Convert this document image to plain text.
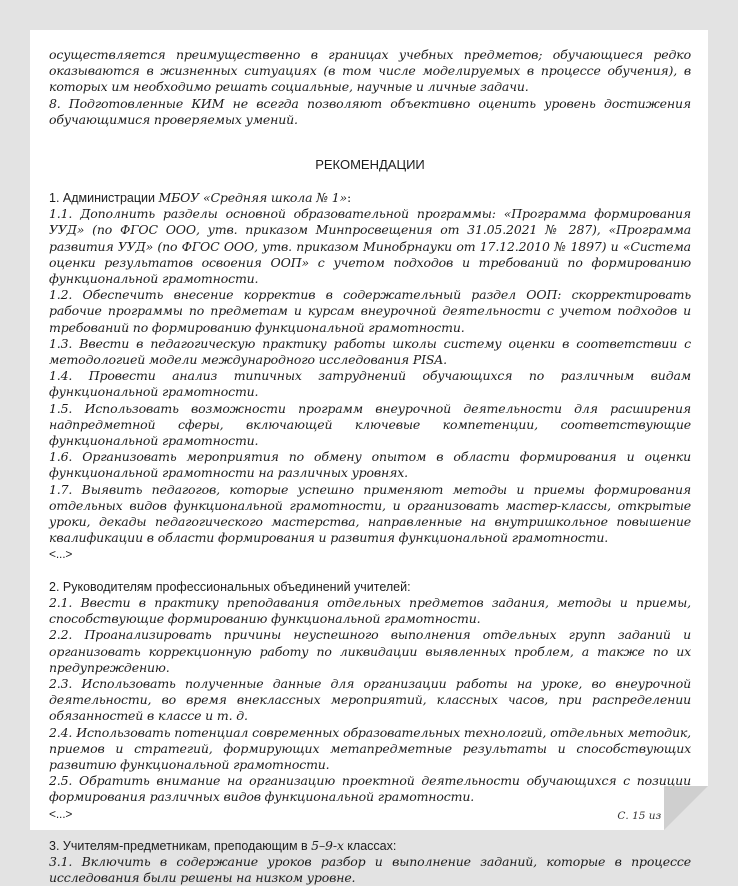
осуществляется преимущественно в границах учебных предметов; обучающиеся редко оказываются в жизненных ситуациях (в том числе моделируемых в процессе обучения), в которых им необходимо решать социальные, научные и личные задачи.

8. Подготовленные КИМ не всегда позволяют объективно оценить уровень достижения обучающимися проверяемых умений.

РЕКОМЕНДАЦИИ

1. Администрации МБОУ «Средняя школа № 1»:

1.1. Дополнить разделы основной образовательной программы: «Программа формирования УУД» (по ФГОС ООО, утв. приказом Минпросвещения от 31.05.2021 № 287), «Программа развития УУД» (по ФГОС ООО, утв. приказом Минобрнауки от 17.12.2010 № 1897) и «Система оценки результатов освоения ООП» с учетом подходов и требований по формированию функциональной грамотности.

1.2. Обеспечить внесение корректив в содержательный раздел ООП: скорректировать рабочие программы по предметам и курсам внеурочной деятельности с учетом подходов и требований по формированию функциональной грамотности.

1.3. Ввести в педагогическую практику работы школы систему оценки в соответствии с методологией модели международного исследования PISA.

1.4. Провести анализ типичных затруднений обучающихся по различным видам функциональной грамотности.

1.5. Использовать возможности программ внеурочной деятельности для расширения надпредметной сферы, включающей ключевые компетенции, соответствующие функциональной грамотности.

1.6. Организовать мероприятия по обмену опытом в области формирования и оценки функциональной грамотности на различных уровнях.

1.7. Выявить педагогов, которые успешно применяют методы и приемы формирования отдельных видов функциональной грамотности, и организовать мастер-классы, открытые уроки, декады педагогического мастерства, направленные на внутришкольное повышение квалификации в области формирования и развития функциональной грамотности.

<...>

2. Руководителям профессиональных объединений учителей:

2.1. Ввести в практику преподавания отдельных предметов задания, методы и приемы, способствующие формированию функциональной грамотности.

2.2. Проанализировать причины неуспешного выполнения отдельных групп заданий и организовать коррекционную работу по ликвидации выявленных проблем, а также по их предупреждению.

2.3. Использовать полученные данные для организации работы на уроке, во внеурочной деятельности, во время внеклассных мероприятий, классных часов, при распределении обязанностей в классе и т. д.

2.4. Использовать потенциал современных образовательных технологий, отдельных методик, приемов и стратегий, формирующих метапредметные результаты и способствующих развитию функциональной грамотности.

2.5. Обратить внимание на организацию проектной деятельности обучающихся с позиции формирования различных видов функциональной грамотности.

<...>

3. Учителям-предметникам, преподающим в 5–9-х классах:

3.1. Включить в содержание уроков разбор и выполнение заданий, которые в процессе исследования были решены на низком уровне.

С. 15 из 16
